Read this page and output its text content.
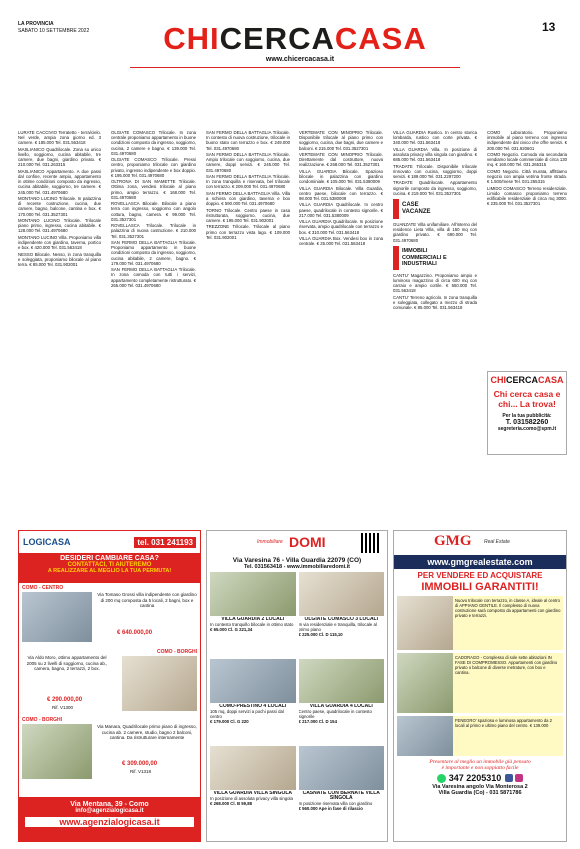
LA PROVINCIA
SABATO 10 SETTEMBRE 2022	13
CHICERCACASA
www.chicercacasa.it

LURATE CACCIVIO Terratetto - terra/cielo. Nel verde, ampia zona giorno ed. 3 camere. € 185.000 Tel. 031.563418

MASLIANICO Quadrilocale. Zona su unico livello, soggiorno, cucina abitabile, tre camere, due bagni, giardino privato. € 210.000 Tel. 031.263315

MASLIANICO Appartamento. A due passi dal confine, recente ampio, appartamento in ottime condizioni composto da ingresso, cucina abitabile, soggiorno, tre camere. € 245.000 Tel. 031.4970680

MONTANO LUCINO Trilocale. In palazzina di recente costruzione, cucina, due camere, bagno, balcone, cantina e box. € 170.000 Tel. 031.3527301

MONTANO LUCINO Trilocale. Trilocale piano primo, ingresso, cucina abitabile. € 128.000 Tel. 031.4970680

MONTANO LUCINO Villa. Proponiamo villa indipendente con giardino, taverna, portico e box. € 420.000 Tel. 031.563418

NESSO Bilocale. Nesso, in zona tranquilla e soleggiata, proponiamo bilocale al piano terra. € 85.000 Tel. 031.902001

OLGIATE COMASCO Trilocale. In zona centrale proponiamo appartamento in buone condizioni composto da ingresso, soggiorno, cucina, 2 camere e bagno. € 139.000 Tel. 031.4970680

OLGIATE COMASCO Trilocale. Pressi centro, proponiamo trilocale con giardino privato, ingresso indipendente e box doppio. € 195.000 Tel. 031.4970680

OLTRONA DI SAN MAMETTE Trilocale. Ottima zona, vendesi trilocale al piano primo, ampio terrazzo. € 168.000 Tel. 031.4970680

ROVELLASCA Bilocale. Bilocale a piano terra con ingresso, soggiorno con angolo cottura, bagno, camera. € 99.000 Tel. 031.3527301

ROVELLASCA Trilocale. Trilocale in palazzina di nuova costruzione. € 210.000 Tel. 031.3527301

SAN FERMO DELLA BATTAGLIA Trilocale. Proponiamo appartamento in buone condizioni composto da ingresso, soggiorno, cucina abitabile, 2 camere, bagno. € 179.000 Tel. 031.4970680

SAN FERMO DELLA BATTAGLIA Trilocale. In zona comoda con tutti i servizi, appartamento completamente ristrutturato. € 265.000 Tel. 031.4970680

SAN FERMO DELLA BATTAGLIA Trilocale. In contesto di nuova costruzione, trilocale in buono stato con terrazzo e box. € 249.000 Tel. 031.4970680

SAN FERMO DELLA BATTAGLIA Trilocale. Ampio trilocale con soggiorno, cucina, due camere, doppi servizi. € 245.000 Tel. 031.4970680

SAN FERMO DELLA BATTAGLIA Trilocale. In zona tranquilla e riservata, bel trilocale con terrazzo. € 209.000 Tel. 031.4970680

SAN FERMO DELLA BATTAGLIA Villa. Villa a schiera con giardino, taverna e box doppio. € 590.000 Tel. 031.4970680

TORNO Trilocale. Centro paese in casa ristrutturata, soggiorno, cucina, due camere. € 195.000 Tel. 031.902001

TREZZONE Trilocale. Trilocale al piano primo con terrazzo vista lago. € 109.000 Tel. 031.902001

VERTEMATE CON MINOPRIO Trilocale. Disponibile trilocale al piano primo con soggiorno, cucina, due bagni, due camere e balconi. € 215.000 Tel. 031.3527301

VERTEMATE CON MINOPRIO Trilocale. Direttamente dal costruttore, nuova realizzazione. € 268.000 Tel. 031.3527301

VILLA GUARDIA Bilocale. Spazioso bilocale in palazzina con giardino condominiale. € 105.000 Tel. 031.5380009

VILLA GUARDIA Bilocale. Villa Guardia, centro paese, bilocale con terrazzo. € 98.000 Tel. 031.5380009

VILLA GUARDIA Quadrilocale. In centro paese, quadrilocale in contesto signorile. € 217.000 Tel. 031.5380009

VILLA GUARDIA Quadrilocale. In posizione riservata, ampio quadrilocale con terrazzo e box. € 310.000 Tel. 031.563418

VILLA GUARDIA Box. Vendesi box in zona centrale. € 25.000 Tel. 031.563418

VILLA GUARDIA Rustico. In centro storica lombarda, rustico con corte privata. € 340.000 Tel. 031.563418

VILLA GUARDIA Villa. In posizione di assoluta privacy villa singola con giardino. € 685.000 Tel. 031.563418

TRADATE Trilocale. Disponibile trilocale rinnovato con cucina, soggiorno, doppi servizi. € 189.000 Tel. 031.2297200

TRADATE Quadrilocale. Appartamento signorile composto da ingresso, soggiorno, cucina. € 219.000 Tel. 031.3527301

CASE VACANZE

GUANZATE Villa unifamiliare. All'interno del residence Lieta Villa, villa di 150 mq con giardino privato. € 690.000 Tel. 031.4970680

IMMOBILI COMMERCIALI E INDUSTRIALI

CANTU' Magazzino. Proponiamo ampio e luminoso magazzino di circa 600 mq con carraio e ampio cortile. € 550.000 Tel. 031.563418

CANTU' Terreno agricolo. In zona tranquilla e soleggiata, collegato a mezzo di strada comunale. € 85.000 Tel. 031.563418

COMO Laboratorio. Proponiamo immobile al piano terreno con ingresso indipendente dal civico che offre servizi. € 200.000 Tel. 031.920601

COMO Negozio. Comoda via secondaria vendiamo locale commerciale di circa 130 mq. € 160.000 Tel. 031.265315

COMO Negozio. Città murata, affittiamo negozio con ampia vetrina fronte strada. € 1.500/mese Tel. 031.265315

LIMIDO COMASCO Terreno residenziale. Limido comasco proponiamo terreno edificabile residenziale di circa mq 3000. € 235.000 Tel. 031.3527301

CHICERCACASA
Chi cerca casa e chi... La trova!
Per la tua pubblicità:
T. 031582260
segreteria.como@spm.it
LOGICASA	tel. 031 241193
DESIDERI CAMBIARE CASA?
CONTATTACI, TI AIUTEREMO
A REALIZZARE AL MEGLIO LA TUA PERMUTA!
COMO - CENTRO
Via Tomaso Grossi villa indipendente con giardino di 200 mq composta da 5 locali, 2 bagni, box e cantina
€ 640.000,00
COMO - BORGHI
Via Aldo Moro, ottimo appartamento del 2005 su 2 livelli di soggiorno, cucina ab., camera, bagno, 2 terrazzi, 2 box.
€ 290.000,00
Rif. V1300
COMO - BORGHI
Via Manara, Quadrilocale primo piano di ingresso, cucina ab. 2 camere, studio, bagno 2 balconi, cantina. Da ristrutturare internamente
€ 309.000,00
Rif. V1318
Via Mentana, 39 - Como
info@agenzialogicasa.it
www.agenzialogicasa.it
Immobiliare DOMI
Via Varesina 76 - Villa Guardia 22079 (CO)
Tel. 031563418 - www.immobiliaredomi.it
VILLA GUARDIA 2 LOCALI
In contesto tranquillo bilocale in ottimo stato
€ 65.000 Cl. G 221,34
OLGIATE COMASCO 3 LOCALI
In via residenziale e tranquilla, trilocale al primo piano
€ 225.000 Cl. D 115,10
COMO-PRESTINO 4 LOCALI
105 mq, doppi servizi a pochi passi dal centro
€ 179.000 Cl. G 220
VILLA GUARDIA 4 LOCALI
Centro paese, quadrilocale in contesto signorile
€ 217.000 Cl. D 154
VILLA GUARDIA VILLA SINGOLA
In posizione di assoluta privacy villa singola
€ 268.000 Cl. B 59,88
CASNATE CON BERNATE VILLA SINGOLA
In posizione riservata villa con giardino
€ 560.000 Ape in fase di rilascio
GMG	Real Estate
www.gmgrealestate.com
PER VENDERE ED ACQUISTARE
IMMOBILI GARANTITI!
Nuovo trilocale con terrazzo, in classe A, ideale al centro di APPIANO GENTILE. Il complesso di nuova costruzione sarà composto da appartamenti con giardino privato e terrazzi.
CADORAGO - Complesso di sole sette abitazioni IN FASE DI COMPROMESSO. Appartamenti con giardino privato o balcone di diverse metrature, con box e cantina.
FENEGRO' spaziosa e luminosa appartamento da 2 locali al primo e ultimo piano del centro. € 139.000
Presentare al meglio un immobile già pensato
è importante e non soppiatto facile
347 2205310
Via Varesina angolo Via Monterosa 2
Villa Guardia (Co) - 031 5871786
